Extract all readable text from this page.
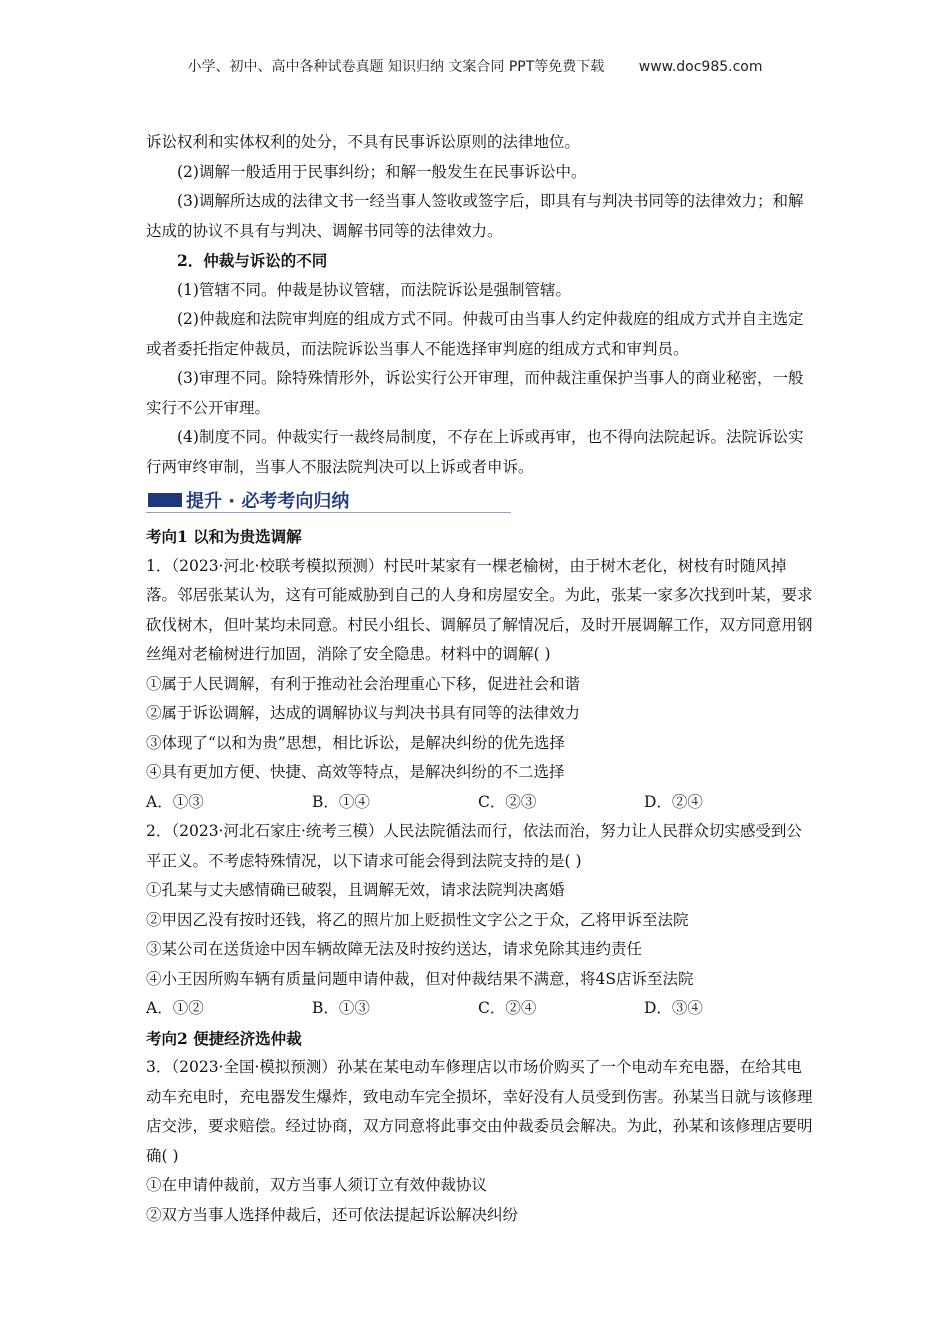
小学、初中、高中各种试卷真题 知识归纳 文案合同 PPT等免费下载 www.doc985.com

诉讼权利和实体权利的处分，不具有民事诉讼原则的法律地位。

(2)调解一般适用于民事纠纷；和解一般发生在民事诉讼中。

(3)调解所达成的法律文书一经当事人签收或签字后，即具有与判决书同等的法律效力；和解达成的协议不具有与判决、调解书同等的法律效力。

2．仲裁与诉讼的不同

(1)管辖不同。仲裁是协议管辖，而法院诉讼是强制管辖。

(2)仲裁庭和法院审判庭的组成方式不同。仲裁可由当事人约定仲裁庭的组成方式并自主选定或者委托指定仲裁员，而法院诉讼当事人不能选择审判庭的组成方式和审判员。

(3)审理不同。除特殊情形外，诉讼实行公开审理，而仲裁注重保护当事人的商业秘密，一般实行不公开审理。

(4)制度不同。仲裁实行一裁终局制度，不存在上诉或再审，也不得向法院起诉。法院诉讼实行两审终审制，当事人不服法院判决可以上诉或者申诉。

提升 · 必考考向归纳

考向1 以和为贵选调解

1．（2023·河北·校联考模拟预测）村民叶某家有一棵老榆树，由于树木老化，树枝有时随风掉落。邻居张某认为，这有可能威胁到自己的人身和房屋安全。为此，张某一家多次找到叶某，要求砍伐树木，但叶某均未同意。村民小组长、调解员了解情况后，及时开展调解工作，双方同意用钢丝绳对老榆树进行加固，消除了安全隐患。材料中的调解( )

①属于人民调解，有利于推动社会治理重心下移，促进社会和谐

②属于诉讼调解，达成的调解协议与判决书具有同等的法律效力

③体现了“以和为贵”思想，相比诉讼，是解决纠纷的优先选择

④具有更加方便、快捷、高效等特点，是解决纠纷的不二选择

A．①③	B．①④	C．②③	D．②④

2．（2023·河北石家庄·统考三模）人民法院循法而行，依法而治，努力让人民群众切实感受到公平正义。不考虑特殊情况，以下请求可能会得到法院支持的是( )

①孔某与丈夫感情确已破裂，且调解无效，请求法院判决离婚

②甲因乙没有按时还钱，将乙的照片加上贬损性文字公之于众，乙将甲诉至法院

③某公司在送货途中因车辆故障无法及时按约送达，请求免除其违约责任

④小王因所购车辆有质量问题申请仲裁，但对仲裁结果不满意，将4S店诉至法院

A．①②	B．①③	C．②④	D．③④

考向2 便捷经济选仲裁

3．（2023·全国·模拟预测）孙某在某电动车修理店以市场价购买了一个电动车充电器，在给其电动车充电时，充电器发生爆炸，致电动车完全损坏，幸好没有人员受到伤害。孙某当日就与该修理店交涉，要求赔偿。经过协商，双方同意将此事交由仲裁委员会解决。为此，孙某和该修理店要明确( )

①在申请仲裁前，双方当事人须订立有效仲裁协议

②双方当事人选择仲裁后，还可依法提起诉讼解决纠纷
